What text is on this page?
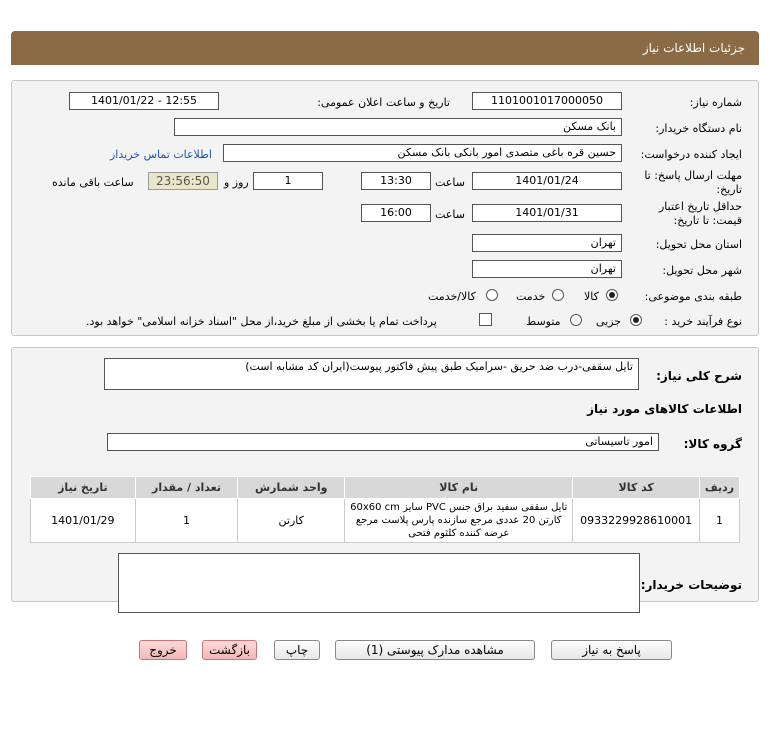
جزئیات اطلاعات نیاز
شماره نیاز:
1101001017000050
تاریخ و ساعت اعلان عمومی:
1401/01/22 - 12:55
نام دستگاه خریدار:
بانک مسکن
ایجاد کننده درخواست:
حسین قره باغی متصدی امور بانکی بانک مسکن
اطلاعات تماس خریدار
مهلت ارسال پاسخ: تا
تاریخ:
1401/01/24
ساعت
13:30
1
روز و
23:56:50
ساعت باقی مانده
حداقل تاریخ اعتبار
قیمت: تا تاریخ:
1401/01/31
ساعت
16:00
استان محل تحویل:
تهران
شهر محل تحویل:
تهران
طبقه بندی موضوعی:
کالا
خدمت
کالا/خدمت
نوع فرآیند خرید :
جزیی
متوسط
پرداخت تمام یا بخشی از مبلغ خرید،از محل "اسناد خزانه اسلامی" خواهد بود.
شرح کلی نیاز:
تایل سقفی-درب ضد حریق -سرامیک طبق پیش فاکتور پیوست(ایران کد مشابه است)
اطلاعات کالاهای مورد نیاز
گروه کالا:
امور تاسیساتی
ردیف	کد کالا	نام کالا	واحد شمارش	تعداد / مقدار	تاریخ نیاز
1	0933229928610001	تایل سقفی سفید براق جنس PVC سایز 60x60 cm کارتن 20 عددی مرجع سازنده پارس پلاست مرجع عرضه کننده کلثوم فتحی	کارتن	1	1401/01/29
توضیحات خریدار:
پاسخ به نیاز
مشاهده مدارک پیوستی (1)
چاپ
بازگشت
خروج
